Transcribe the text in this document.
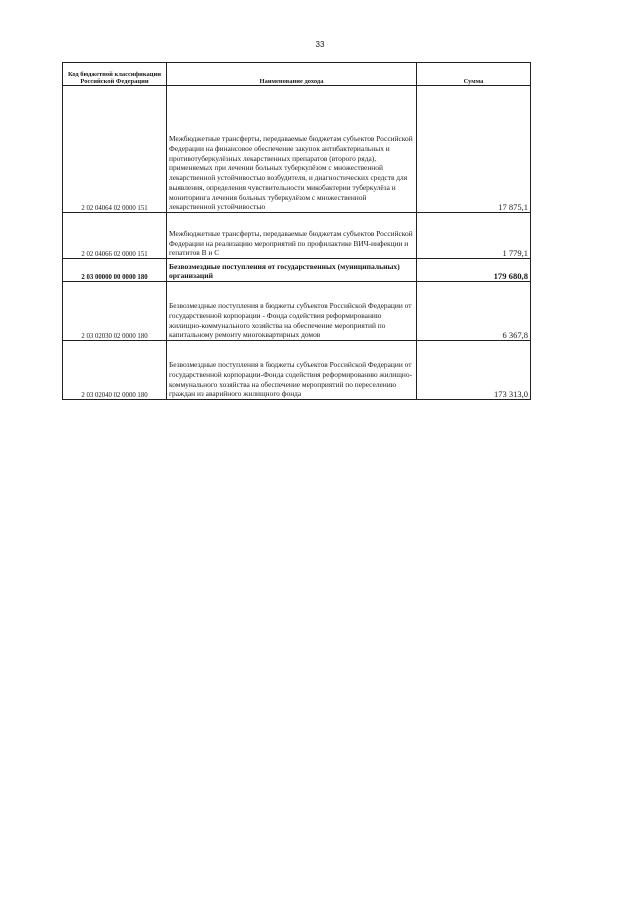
33
Код бюджетной классификации Российской Федерации	Наименование дохода	Сумма
2 02 04064 02 0000 151	Межбюджетные трансферты, передаваемые бюджетам субъектов Российской Федерации на финансовое обеспечение закупок антибактериальных и противотуберкулёзных лекарственных препаратов (второго ряда), применяемых при лечении больных туберкулёзом с множественной лекарственной устойчивостью возбудителя, и диагностических средств для выявления, определения чувствительности микобактерии туберкулёза и мониторинга лечения больных туберкулёзом с множественной лекарственной устойчивостью	17 875,1
2 02 04066 02 0000 151	Межбюджетные трансферты, передаваемые бюджетам субъектов Российской Федерации на реализацию мероприятий по профилактике ВИЧ-инфекции и гепатитов В и С	1 779,1
2 03 00000 00 0000 180	Безвозмездные поступления от государственных (муниципальных) организаций	179 680,8
2 03 02030 02 0000 180	Безвозмездные поступления в бюджеты субъектов Российской Федерации от государственной корпорации - Фонда содействия реформированию жилищно-коммунального хозяйства на обеспечение мероприятий по капитальному ремонту многоквартирных домов	6 367,8
2 03 02040 02 0000 180	Безвозмездные поступления в бюджеты субъектов Российской Федерации от государственной корпорации-Фонда содействия реформированию жилищно-коммунального хозяйства на обеспечение мероприятий по переселению граждан из аварийного жилищного фонда	173 313,0
